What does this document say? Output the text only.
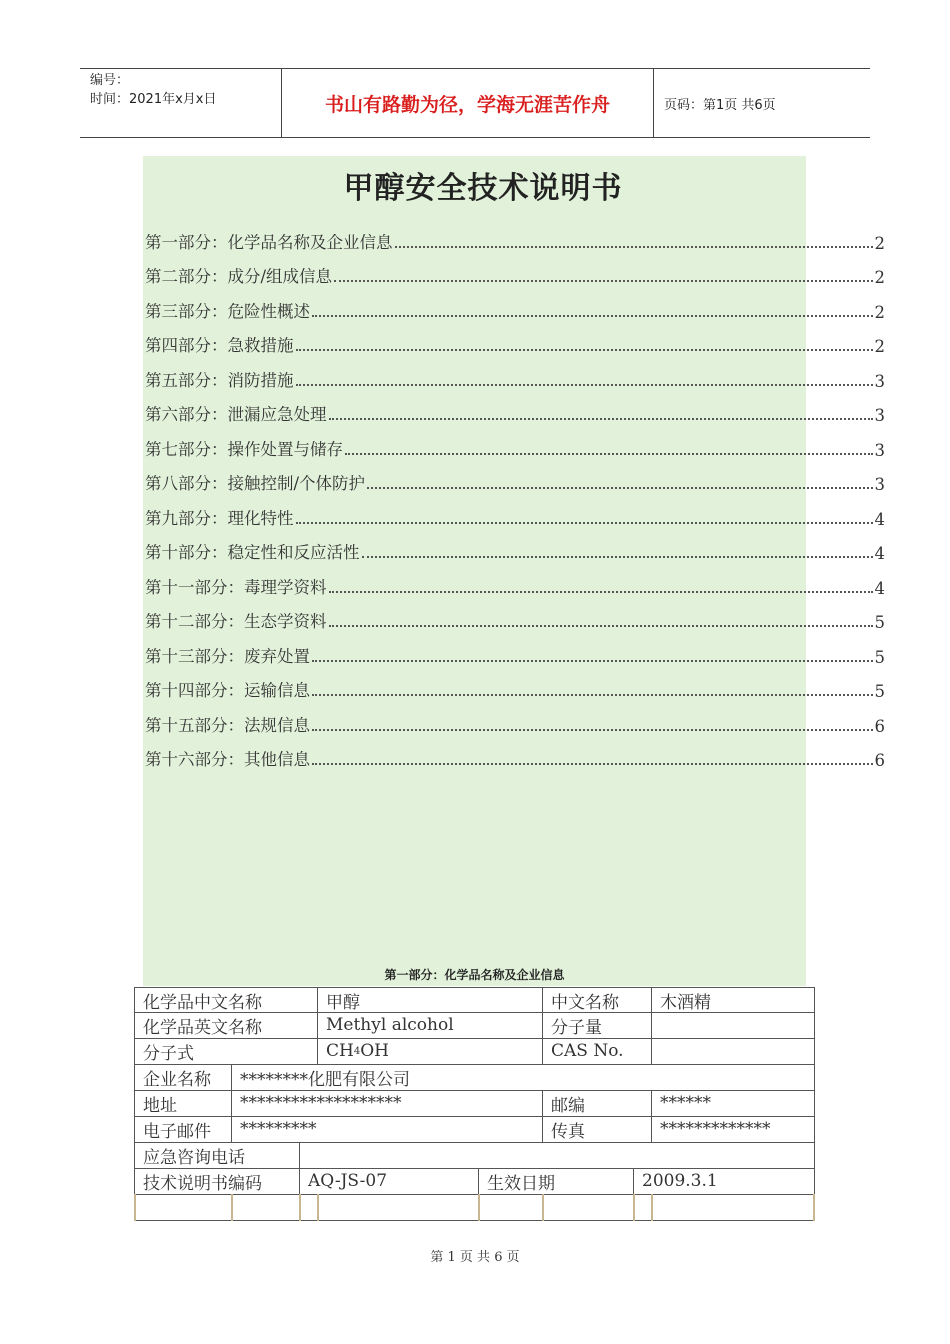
编号：
时间：2021年x月x日	书山有路勤为径，学海无涯苦作舟	页码：第1页 共6页
甲醇安全技术说明书
第一部分：化学品名称及企业信息	2
第二部分：成分/组成信息	2
第三部分：危险性概述	2
第四部分：急救措施	2
第五部分：消防措施	3
第六部分：泄漏应急处理	3
第七部分：操作处置与储存	3
第八部分：接触控制/个体防护	3
第九部分：理化特性	4
第十部分：稳定性和反应活性	4
第十一部分：毒理学资料	4
第十二部分：生态学资料	5
第十三部分：废弃处置	5
第十四部分：运输信息	5
第十五部分：法规信息	6
第十六部分：其他信息	6
第一部分：化学品名称及企业信息
化学品中文名称	甲醇	中文名称	木酒精
化学品英文名称	Methyl alcohol	分子量
分子式	CH 4 OH	CAS No.
企业名称	********化肥有限公司
地址	*******************	邮编	******
电子邮件	*********	传真	*************
应急咨询电话
技术说明书编码	AQ-JS-07	生效日期	2009.3.1
第 1 页 共 6 页
